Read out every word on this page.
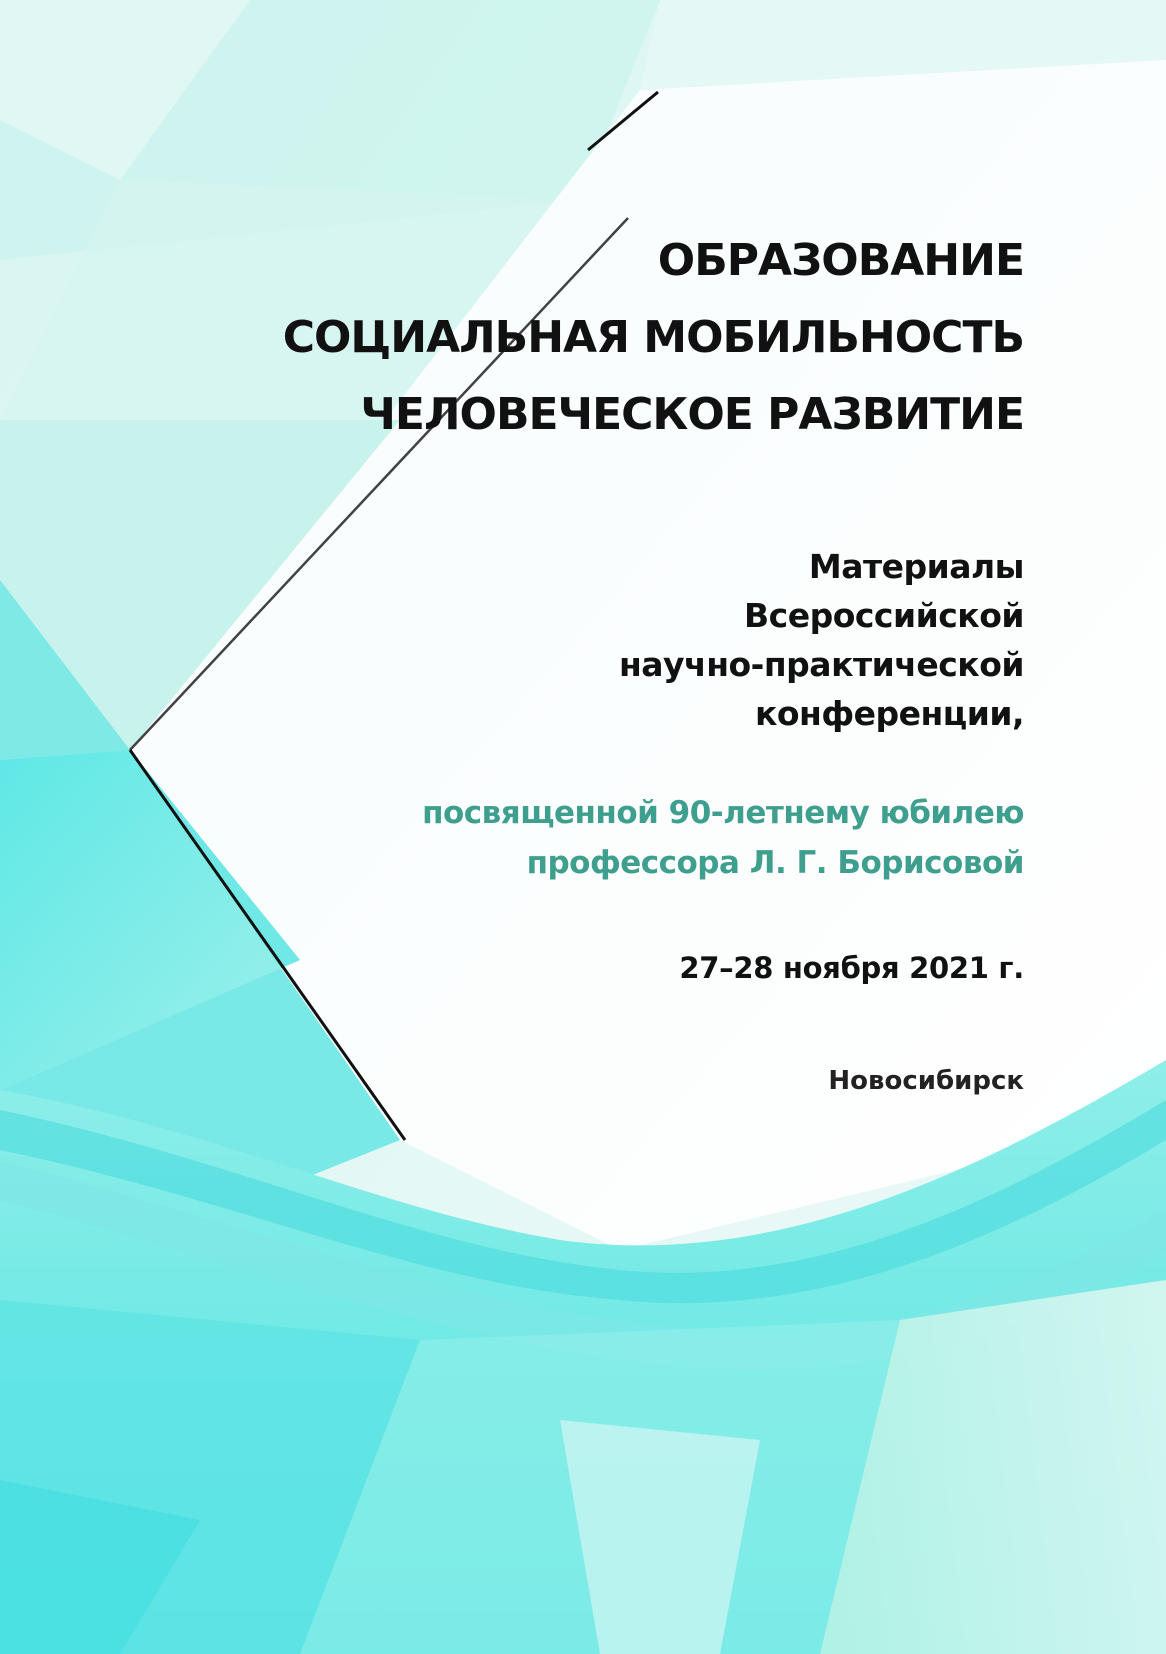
ОБРАЗОВАНИЕ
СОЦИАЛЬНАЯ МОБИЛЬНОСТЬ
ЧЕЛОВЕЧЕСКОЕ РАЗВИТИЕ
Материалы
Всероссийской
научно-практической
конференции,
посвященной 90-летнему юбилею
профессора Л. Г. Борисовой
27–28 ноября 2021 г.
Новосибирск
